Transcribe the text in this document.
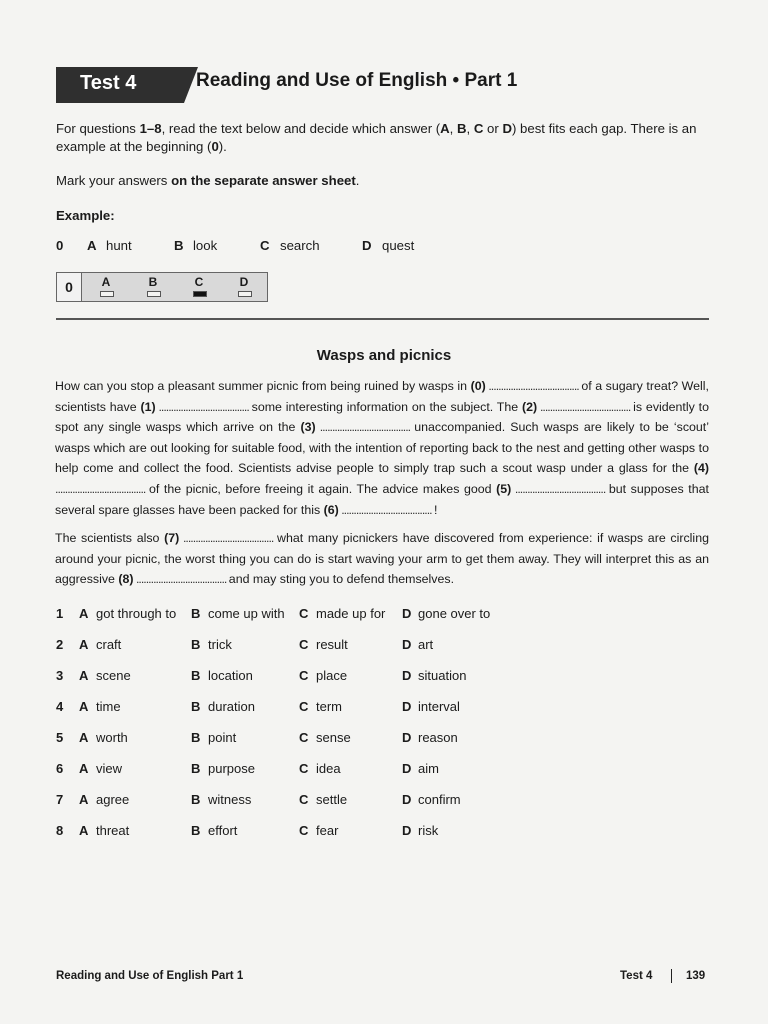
Test 4	Reading and Use of English • Part 1
For questions 1–8, read the text below and decide which answer (A, B, C or D) best fits each gap. There is an example at the beginning (0).
Mark your answers on the separate answer sheet.
Example:
0 A hunt	B look	C search	D quest
0	A	B	C	D
Wasps and picnics

How can you stop a pleasant summer picnic from being ruined by wasps in (0) ..................................... of a sugary treat? Well, scientists have (1) ..................................... some interesting information on the subject. The (2) ..................................... is evidently to spot any single wasps which arrive on the (3) ..................................... unaccompanied. Such wasps are likely to be ‘scout’ wasps which are out looking for suitable food, with the intention of reporting back to the nest and getting other wasps to help come and collect the food. Scientists advise people to simply trap such a scout wasp under a glass for the (4) ..................................... of the picnic, before freeing it again. The advice makes good (5) ..................................... but supposes that several spare glasses have been packed for this (6) ..................................... !

The scientists also (7) ..................................... what many picnickers have discovered from experience: if wasps are circling around your picnic, the worst thing you can do is start waving your arm to get them away. They will interpret this as an aggressive (8) ..................................... and may sting you to defend themselves.

1 A got through to B come up with C made up for D gone over to
2 A craft	B trick	C result	D art
3 A scene	B location	C place	D situation
4 A time	B duration	C term	D interval
5 A worth	B point	C sense	D reason
6 A view	B purpose	C idea	D aim
7 A agree	B witness	C settle	D confirm
8 A threat	B effort	C fear	D risk
Reading and Use of English Part 1	Test 4	139
